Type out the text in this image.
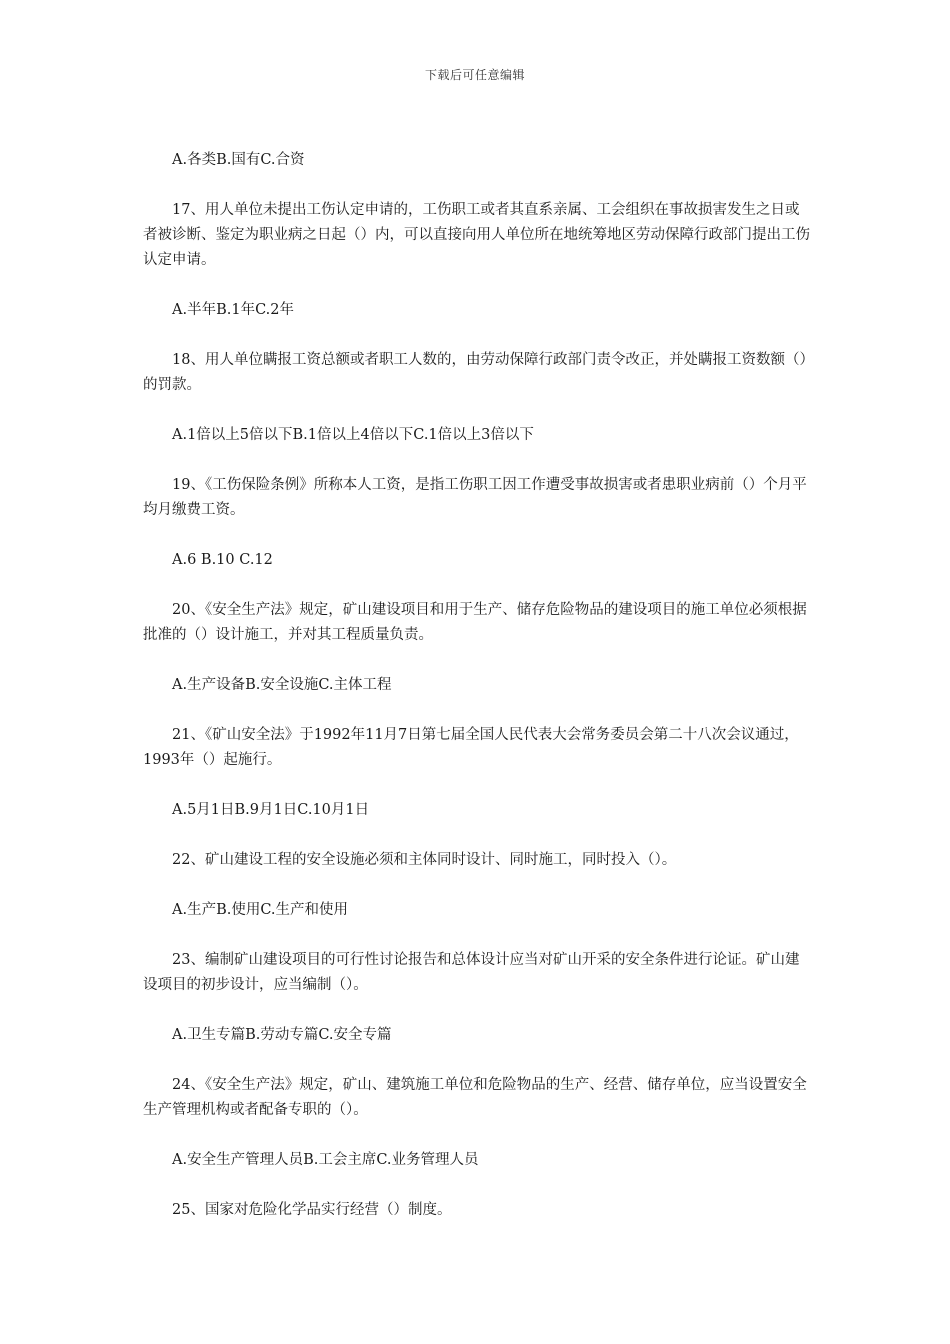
下载后可任意编辑

A.各类B.国有C.合资

17、用人单位未提出工伤认定申请的，工伤职工或者其直系亲属、工会组织在事故损害发生之日或者被诊断、鉴定为职业病之日起（）内，可以直接向用人单位所在地统筹地区劳动保障行政部门提出工伤认定申请。

A.半年B.1年C.2年

18、用人单位瞒报工资总额或者职工人数的，由劳动保障行政部门责令改正，并处瞒报工资数额（）的罚款。

A.1倍以上5倍以下B.1倍以上4倍以下C.1倍以上3倍以下

19、《工伤保险条例》所称本人工资，是指工伤职工因工作遭受事故损害或者患职业病前（）个月平均月缴费工资。

A.6 B.10 C.12

20、《安全生产法》规定，矿山建设项目和用于生产、储存危险物品的建设项目的施工单位必须根据批准的（）设计施工，并对其工程质量负责。

A.生产设备B.安全设施C.主体工程

21、《矿山安全法》于1992年11月7日第七届全国人民代表大会常务委员会第二十八次会议通过，1993年（）起施行。

A.5月1日B.9月1日C.10月1日

22、矿山建设工程的安全设施必须和主体同时设计、同时施工，同时投入（）。

A.生产B.使用C.生产和使用

23、编制矿山建设项目的可行性讨论报告和总体设计应当对矿山开采的安全条件进行论证。矿山建设项目的初步设计，应当编制（）。

A.卫生专篇B.劳动专篇C.安全专篇

24、《安全生产法》规定，矿山、建筑施工单位和危险物品的生产、经营、储存单位，应当设置安全生产管理机构或者配备专职的（）。

A.安全生产管理人员B.工会主席C.业务管理人员

25、国家对危险化学品实行经营（）制度。
